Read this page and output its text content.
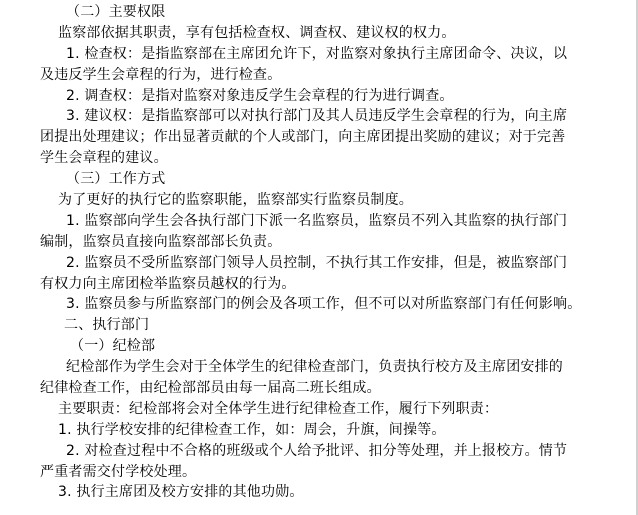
（二）主要权限
监察部依据其职责，享有包括检查权、调查权、建议权的权力。
1. 检查权：是指监察部在主席团允许下，对监察对象执行主席团命令、决议，以
及违反学生会章程的行为，进行检查。
2. 调查权：是指对监察对象违反学生会章程的行为进行调查。
3. 建议权：是指监察部可以对执行部门及其人员违反学生会章程的行为，向主席
团提出处理建议；作出显著贡献的个人或部门，向主席团提出奖励的建议；对于完善
学生会章程的建议。
（三）工作方式
为了更好的执行它的监察职能，监察部实行监察员制度。
1. 监察部向学生会各执行部门下派一名监察员，监察员不列入其监察的执行部门
编制，监察员直接向监察部部长负责。
2. 监察员不受所监察部门领导人员控制，不执行其工作安排，但是，被监察部门
有权力向主席团检举监察员越权的行为。
3. 监察员参与所监察部门的例会及各项工作，但不可以对所监察部门有任何影响。
二、执行部门
（一）纪检部
纪检部作为学生会对于全体学生的纪律检查部门，负责执行校方及主席团安排的
纪律检查工作，由纪检部部员由每一届高二班长组成。
主要职责：纪检部将会对全体学生进行纪律检查工作，履行下列职责：
1. 执行学校安排的纪律检查工作，如：周会，升旗，间操等。
2. 对检查过程中不合格的班级或个人给予批评、扣分等处理，并上报校方。情节
严重者需交付学校处理。
3. 执行主席团及校方安排的其他功勋。
